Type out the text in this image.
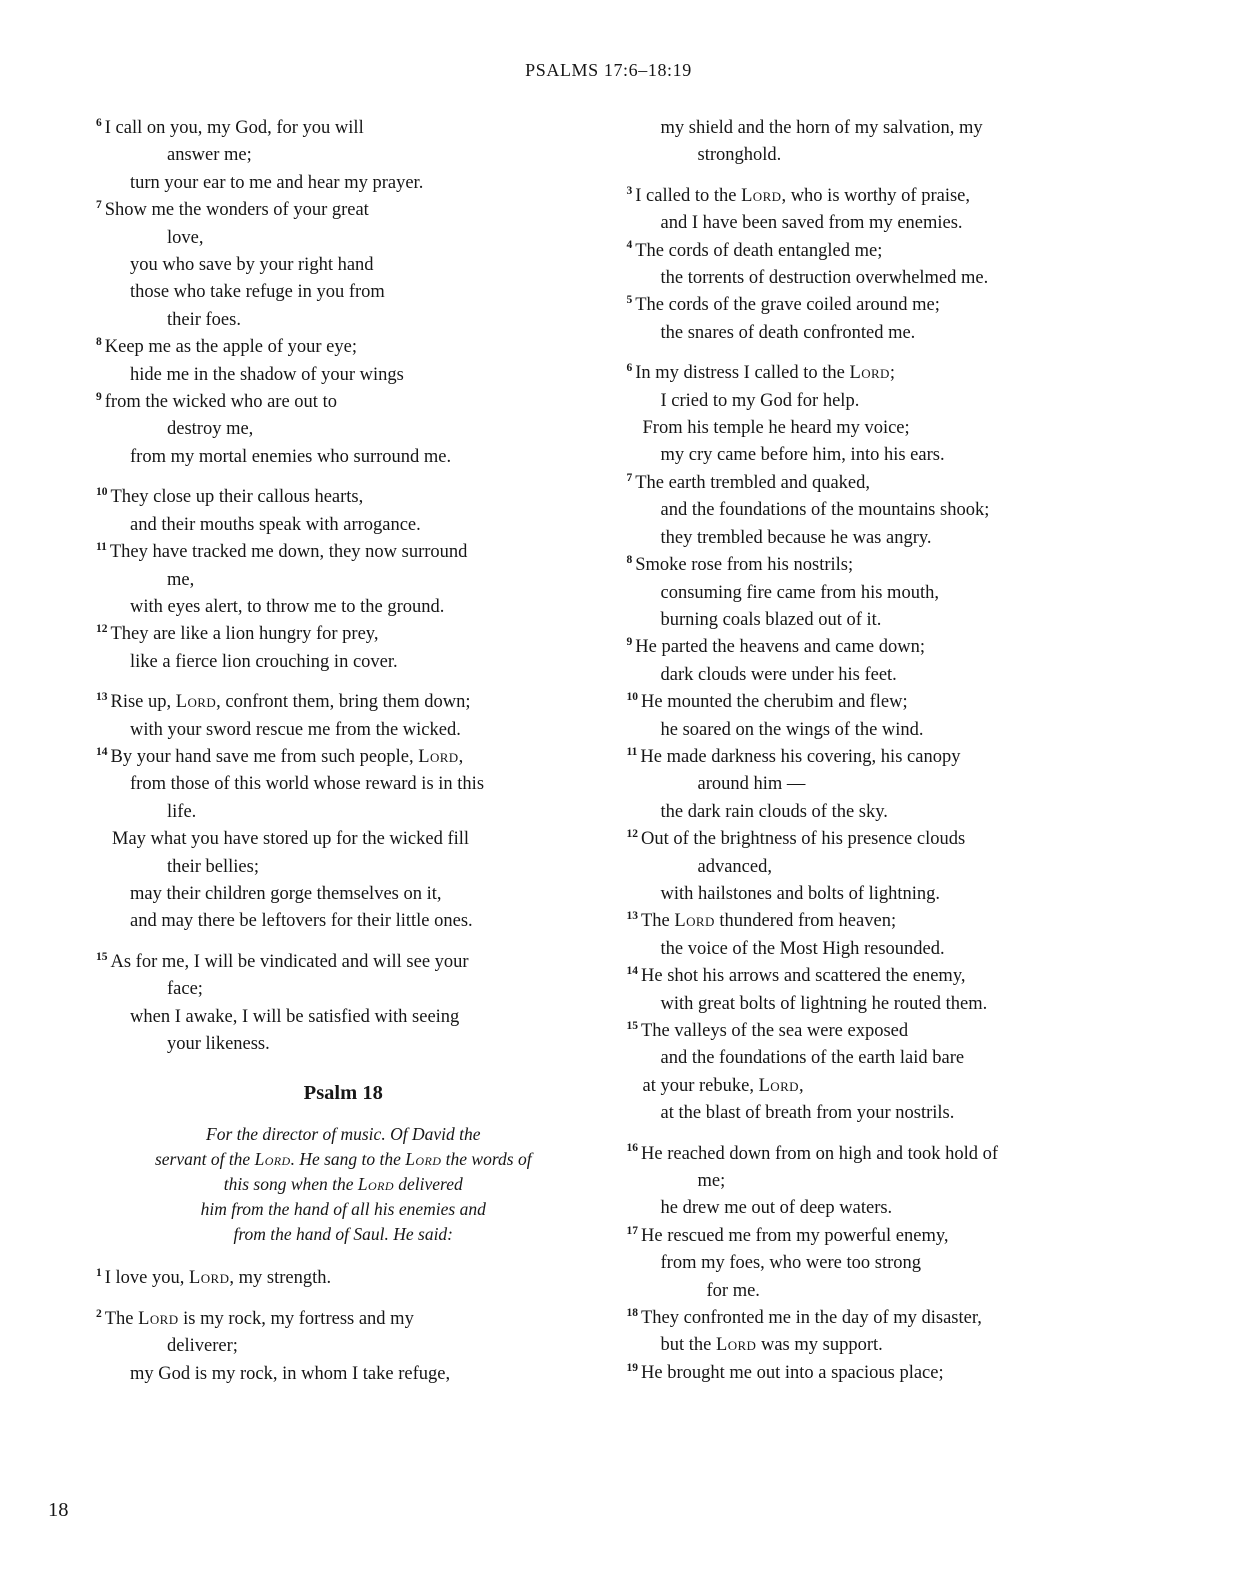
PSALMS 17:6–18:19
$^6$ I call on you, my God, for you will
answer me;
turn your ear to me and hear my prayer.
$^7$ Show me the wonders of your great
love,
you who save by your right hand
those who take refuge in you from
their foes.
$^8$ Keep me as the apple of your eye;
hide me in the shadow of your wings
$^9$ from the wicked who are out to
destroy me,
from my mortal enemies who surround me.
$^{10}$ They close up their callous hearts,
and their mouths speak with arrogance.
$^{11}$ They have tracked me down, they now surround
me,
with eyes alert, to throw me to the ground.
$^{12}$ They are like a lion hungry for prey,
like a fierce lion crouching in cover.
$^{13}$ Rise up, Lord, confront them, bring them down;
with your sword rescue me from the wicked.
$^{14}$ By your hand save me from such people, Lord,
from those of this world whose reward is in this
life.
May what you have stored up for the wicked fill
their bellies;
may their children gorge themselves on it,
and may there be leftovers for their little ones.
$^{15}$ As for me, I will be vindicated and will see your
face;
when I awake, I will be satisfied with seeing
your likeness.
Psalm 18
For the director of music. Of David the
servant of the Lord. He sang to the Lord the words of
this song when the Lord delivered
him from the hand of all his enemies and
from the hand of Saul. He said:
$^1$ I love you, Lord, my strength.
$^2$ The Lord is my rock, my fortress and my
deliverer;
my God is my rock, in whom I take refuge,
my shield and the horn of my salvation, my
stronghold.
$^3$ I called to the Lord, who is worthy of praise,
and I have been saved from my enemies.
$^4$ The cords of death entangled me;
the torrents of destruction overwhelmed me.
$^5$ The cords of the grave coiled around me;
the snares of death confronted me.
$^6$ In my distress I called to the Lord;
I cried to my God for help.
From his temple he heard my voice;
my cry came before him, into his ears.
$^7$ The earth trembled and quaked,
and the foundations of the mountains shook;
they trembled because he was angry.
$^8$ Smoke rose from his nostrils;
consuming fire came from his mouth,
burning coals blazed out of it.
$^9$ He parted the heavens and came down;
dark clouds were under his feet.
$^{10}$ He mounted the cherubim and flew;
he soared on the wings of the wind.
$^{11}$ He made darkness his covering, his canopy
around him —
the dark rain clouds of the sky.
$^{12}$ Out of the brightness of his presence clouds
advanced,
with hailstones and bolts of lightning.
$^{13}$ The Lord thundered from heaven;
the voice of the Most High resounded.
$^{14}$ He shot his arrows and scattered the enemy,
with great bolts of lightning he routed them.
$^{15}$ The valleys of the sea were exposed
and the foundations of the earth laid bare
at your rebuke, Lord,
at the blast of breath from your nostrils.
$^{16}$ He reached down from on high and took hold of
me;
he drew me out of deep waters.
$^{17}$ He rescued me from my powerful enemy,
from my foes, who were too strong
for me.
$^{18}$ They confronted me in the day of my disaster,
but the Lord was my support.
$^{19}$ He brought me out into a spacious place;
18
